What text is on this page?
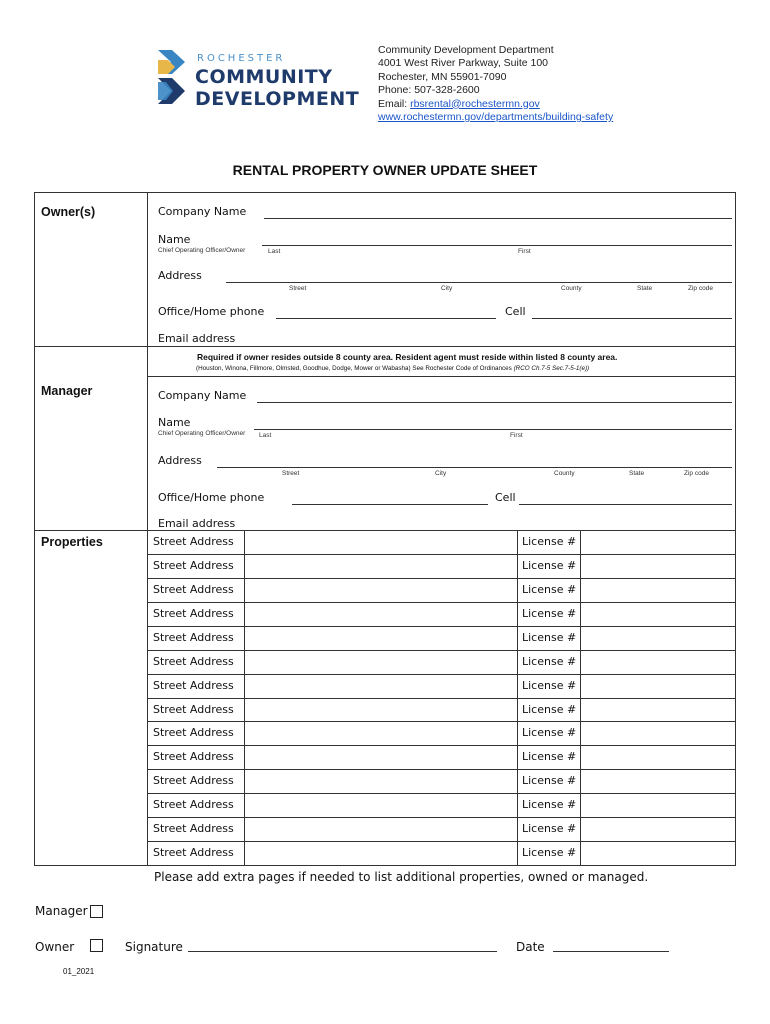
ROCHESTER
COMMUNITY
DEVELOPMENT
Community Development Department
4001 West River Parkway, Suite 100
Rochester, MN 55901-7090
Phone: 507-328-2600
Email: rbsrental@rochestermn.gov
www.rochestermn.gov/departments/building-safety
RENTAL PROPERTY OWNER UPDATE SHEET
Owner(s)
Manager
Properties
Company Name
Name
Chief Operating Officer/Owner	Last	First
Address
Street	City	County	State	Zip code
Office/Home phone	Cell
Email address
Required if owner resides outside 8 county area. Resident agent must reside within listed 8 county area.
(Houston, Winona, Fillmore, Olmsted, Goodhue, Dodge, Mower or Wabasha) See Rochester Code of Ordinances (RCO Ch.7-5 Sec.7-5-1(e))
Company Name
Name
Chief Operating Officer/Owner Last	First
Address
Street	City	County	State	Zip code
Office/Home phone	Cell
Email address
Street Address	License #
Street Address	License #
Street Address	License #
Street Address	License #
Street Address	License #
Street Address	License #
Street Address	License #
Street Address	License #
Street Address	License #
Street Address	License #
Street Address	License #
Street Address	License #
Street Address	License #
Street Address	License #
Please add extra pages if needed to list additional properties, owned or managed.
Manager
Owner	Signature	Date
01_2021
